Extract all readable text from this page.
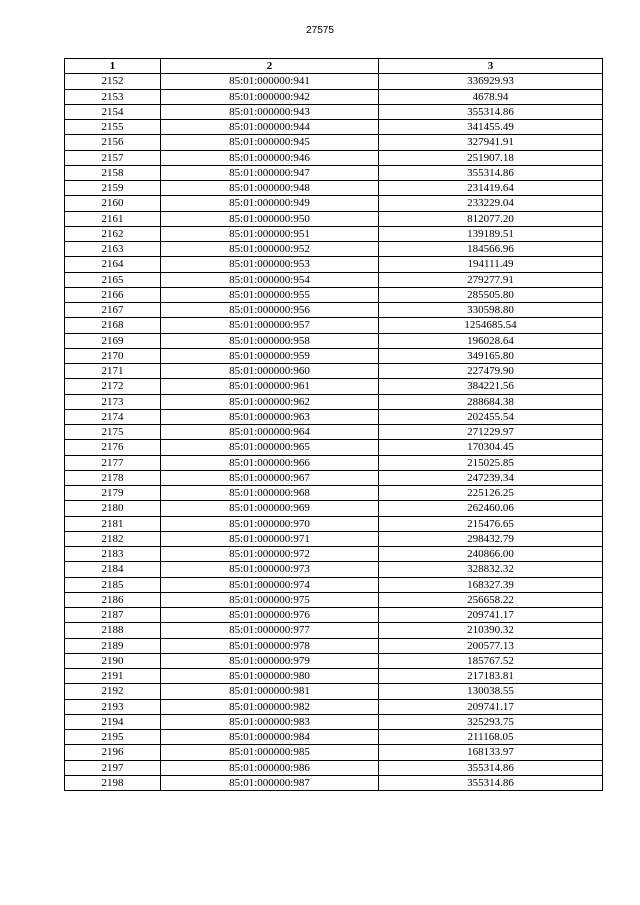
27575
1	2	3
2152	85:01:000000:941	336929.93
2153	85:01:000000:942	4678.94
2154	85:01:000000:943	355314.86
2155	85:01:000000:944	341455.49
2156	85:01:000000:945	327941.91
2157	85:01:000000:946	251907.18
2158	85:01:000000:947	355314.86
2159	85:01:000000:948	231419.64
2160	85:01:000000:949	233229.04
2161	85:01:000000:950	812077.20
2162	85:01:000000:951	139189.51
2163	85:01:000000:952	184566.96
2164	85:01:000000:953	194111.49
2165	85:01:000000:954	279277.91
2166	85:01:000000:955	285505.80
2167	85:01:000000:956	330598.80
2168	85:01:000000:957	1254685.54
2169	85:01:000000:958	196028.64
2170	85:01:000000:959	349165.80
2171	85:01:000000:960	227479.90
2172	85:01:000000:961	384221.56
2173	85:01:000000:962	288684.38
2174	85:01:000000:963	202455.54
2175	85:01:000000:964	271229.97
2176	85:01:000000:965	170304.45
2177	85:01:000000:966	215025.85
2178	85:01:000000:967	247239.34
2179	85:01:000000:968	225126.25
2180	85:01:000000:969	262460.06
2181	85:01:000000:970	215476.65
2182	85:01:000000:971	298432.79
2183	85:01:000000:972	240866.00
2184	85:01:000000:973	328832.32
2185	85:01:000000:974	168327.39
2186	85:01:000000:975	256658.22
2187	85:01:000000:976	209741.17
2188	85:01:000000:977	210390.32
2189	85:01:000000:978	200577.13
2190	85:01:000000:979	185767.52
2191	85:01:000000:980	217183.81
2192	85:01:000000:981	130038.55
2193	85:01:000000:982	209741.17
2194	85:01:000000:983	325293.75
2195	85:01:000000:984	211168.05
2196	85:01:000000:985	168133.97
2197	85:01:000000:986	355314.86
2198	85:01:000000:987	355314.86
